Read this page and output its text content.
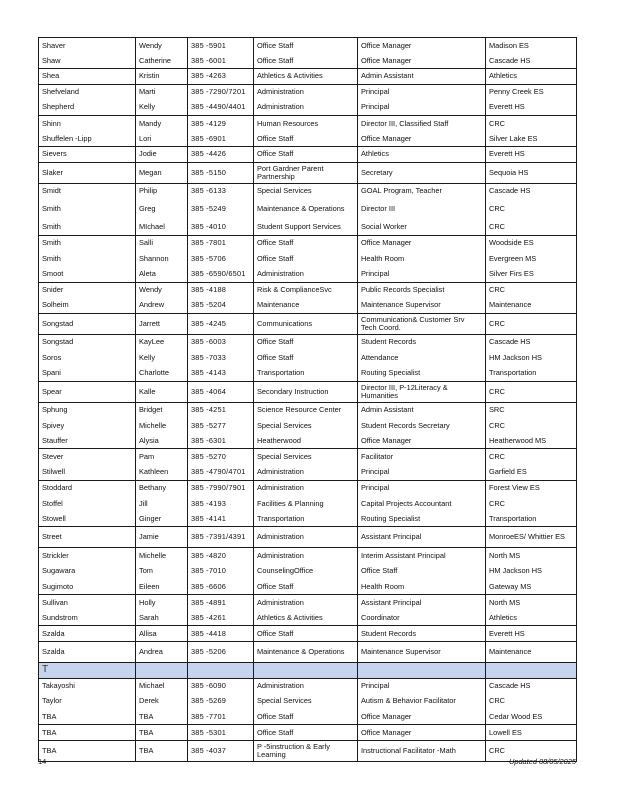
Shaver	Wendy	385 -5901	Office Staff	Office Manager	Madison ES
Shaw	Catherine	385 -6001	Office Staff	Office Manager	Cascade HS
Shea	Kristin	385 -4263	Athletics & Activities	Admin Assistant	Athletics
Shefveland	Marti	385 -7290/7201	Administration	Principal	Penny Creek ES
Shepherd	Kelly	385 -4490/4401	Administration	Principal	Everett HS
Shinn	Mandy	385 -4129	Human Resources	Director III, Classified Staff	CRC
Shuffelen -Lipp	Lori	385 -6901	Office Staff	Office Manager	Silver Lake ES
Sievers	Jodie	385 -4426	Office Staff	Athletics	Everett HS
Slaker	Megan	385 -5150	Port Gardner Parent Partnership	Secretary	Sequoia HS
Smidt	Philip	385 -6133	Special Services	GOAL Program, Teacher	Cascade HS
Smith	Greg	385 -5249	Maintenance & Operations	Director III	CRC
Smith	MIchael	385 -4010	Student Support Services	Social Worker	CRC
Smith	Salli	385 -7801	Office Staff	Office Manager	Woodside ES
Smith	Shannon	385 -5706	Office Staff	Health Room	Evergreen MS
Smoot	Aleta	385 -6590/6501	Administration	Principal	Silver Firs ES
Snider	Wendy	385 -4188	Risk & ComplianceSvc	Public Records Specialist	CRC
Solheim	Andrew	385 -5204	Maintenance	Maintenance Supervisor	Maintenance
Songstad	Jarrett	385 -4245	Communications	Communication& Customer Srv Tech Coord.	CRC
Songstad	KayLee	385 -6003	Office Staff	Student Records	Cascade HS
Soros	Kelly	385 -7033	Office Staff	Attendance	HM Jackson HS
Spani	Charlotte	385 -4143	Transportation	Routing Specialist	Transportation
Spear	Kalle	385 -4064	Secondary Instruction	Director III, P-12Literacy & Humanities	CRC
Sphung	Bridget	385 -4251	Science Resource Center	Admin Assistant	SRC
Spivey	Michelle	385 -5277	Special Services	Student Records Secretary	CRC
Stauffer	Alysia	385 -6301	Heatherwood	Office Manager	Heatherwood MS
Stever	Pam	385 -5270	Special Services	Facilitator	CRC
Stilwell	Kathleen	385 -4790/4701	Administration	Principal	Garfield ES
Stoddard	Bethany	385 -7990/7901	Administration	Principal	Forest View ES
Stoffel	Jill	385 -4193	Facilities & Planning	Capital Projects Accountant	CRC
Stowell	Ginger	385 -4141	Transportation	Routing Specialist	Transportation
Street	Jamie	385 -7391/4391	Administration	Assistant Principal	MonroeES/ Whittier ES
Strickler	Michelle	385 -4820	Administration	Interim Assistant Principal	North MS
Sugawara	Tom	385 -7010	CounselingOffice	Office Staff	HM Jackson HS
Sugimoto	Eileen	385 -6606	Office Staff	Health Room	Gateway MS
Sullivan	Holly	385 -4891	Administration	Assistant Principal	North MS
Sundstrom	Sarah	385 -4261	Athletics & Activities	Coordinator	Athletics
Szalda	Allisa	385 -4418	Office Staff	Student Records	Everett HS
Szalda	Andrea	385 -5206	Maintenance & Operations	Maintenance Supervisor	Maintenance
T					
Takayoshi	Michael	385 -6090	Administration	Principal	Cascade HS
Taylor	Derek	385 -5269	Special Services	Autism & Behavior Facilitator	CRC
TBA	TBA	385 -7701	Office Staff	Office Manager	Cedar Wood ES
TBA	TBA	385 -5301	Office Staff	Office Manager	Lowell ES
TBA	TBA	385 -4037	P -5instruction & Early Learning	Instructional Facilitator -Math	CRC
14	Updated 08/05/2025
